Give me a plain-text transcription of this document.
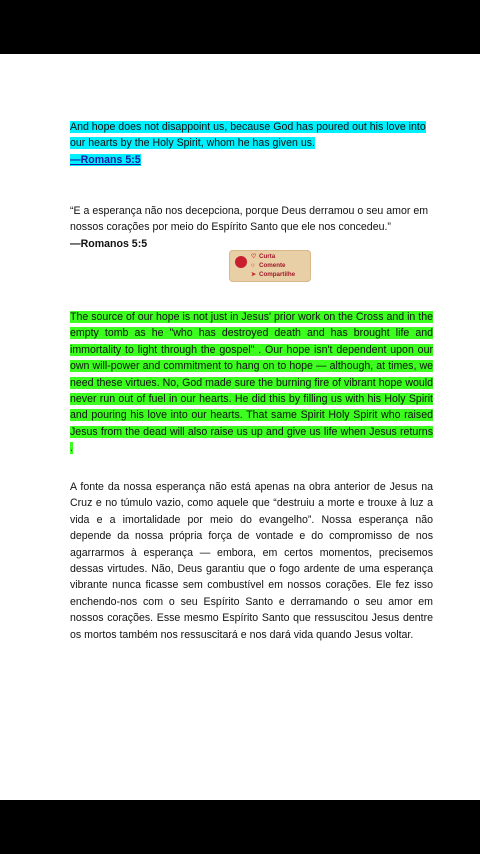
And hope does not disappoint us, because God has poured out his love into our hearts by the Holy Spirit, whom he has given us.
—Romans 5:5
“E a esperança não nos decepciona, porque Deus derramou o seu amor em nossos corações por meio do Espírito Santo que ele nos concedeu.”
—Romanos 5:5
♡ Curta
○ Comente
➤ Compartilhe
The source of our hope is not just in Jesus' prior work on the Cross and in the empty tomb as he "who has destroyed death and has brought life and immortality to light through the gospel" . Our hope isn't dependent upon our own will-power and commitment to hang on to hope — although, at times, we need these virtues. No, God made sure the burning fire of vibrant hope would never run out of fuel in our hearts. He did this by filling us with his Holy Spirit and pouring his love into our hearts. That same Spirit Holy Spirit who raised Jesus from the dead will also raise us up and give us life when Jesus returns .
A fonte da nossa esperança não está apenas na obra anterior de Jesus na Cruz e no túmulo vazio, como aquele que “destruiu a morte e trouxe à luz a vida e a imortalidade por meio do evangelho”. Nossa esperança não depende da nossa própria força de vontade e do compromisso de nos agarrarmos à esperança — embora, em certos momentos, precisemos dessas virtudes. Não, Deus garantiu que o fogo ardente de uma esperança vibrante nunca ficasse sem combustível em nossos corações. Ele fez isso enchendo-nos com o seu Espírito Santo e derramando o seu amor em nossos corações. Esse mesmo Espírito Santo que ressuscitou Jesus dentre os mortos também nos ressuscitará e nos dará vida quando Jesus voltar.
